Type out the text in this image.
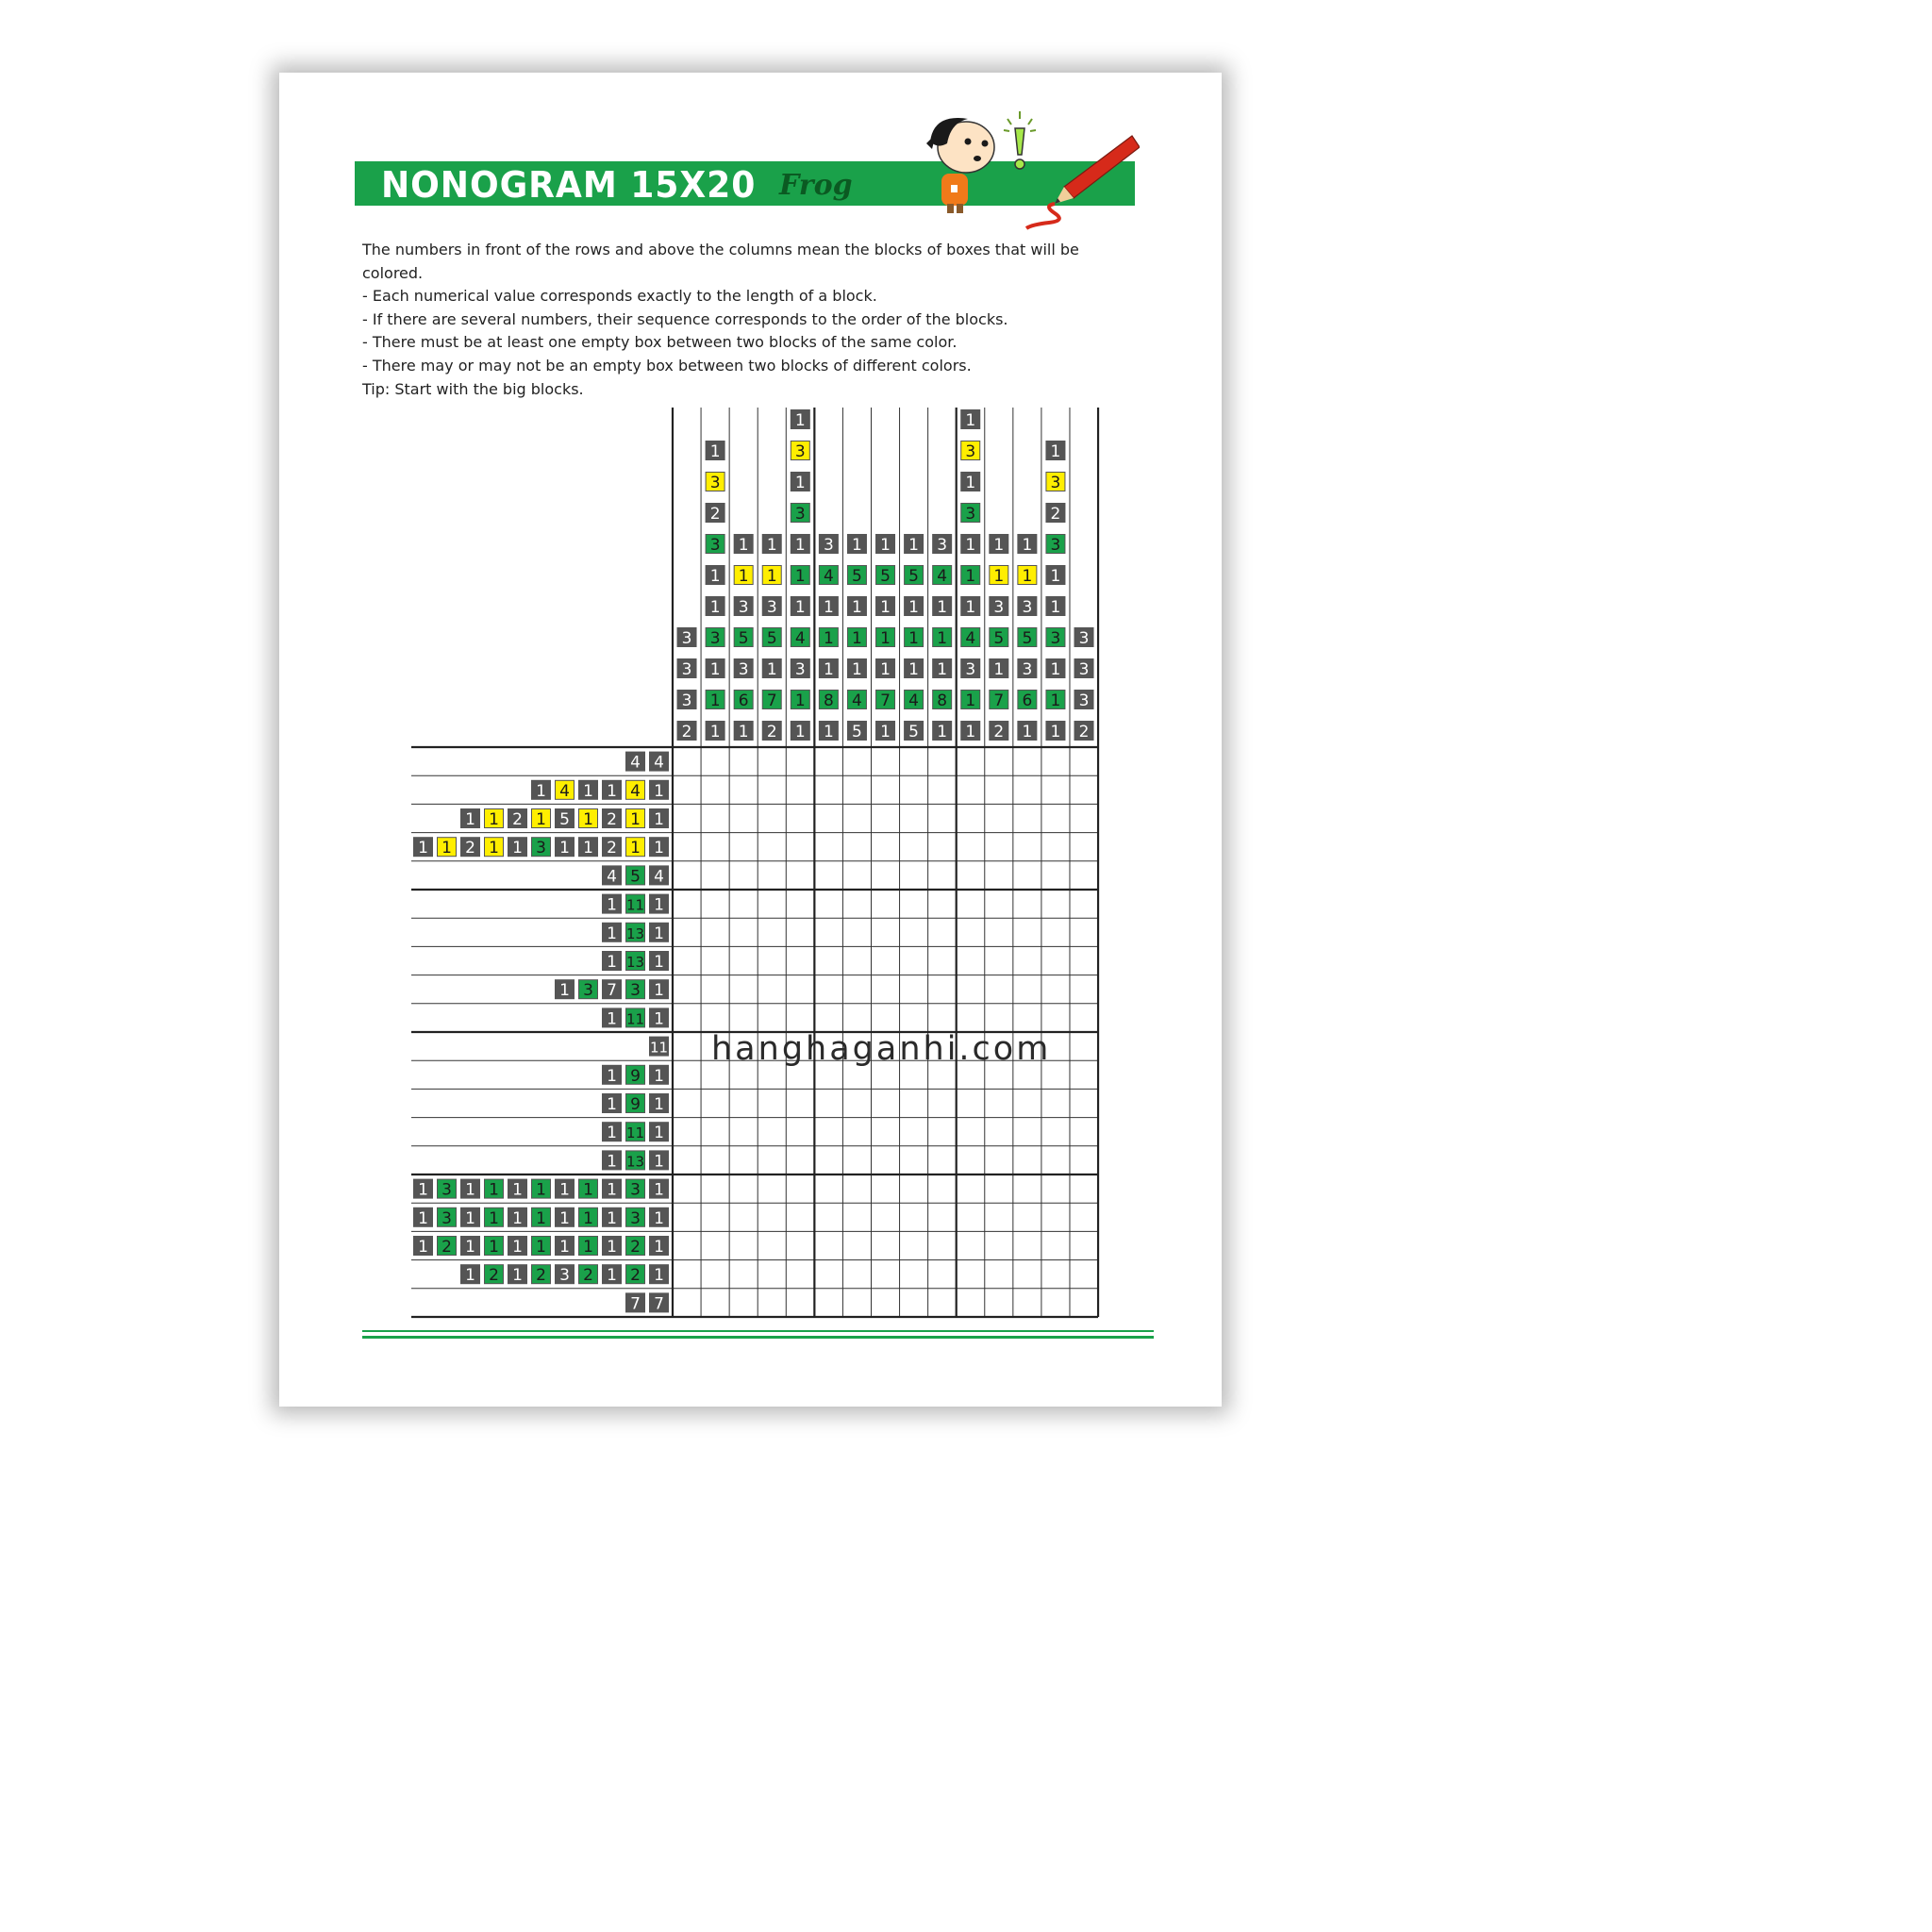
NONOGRAM 15X20 Frog
The numbers in front of the rows and above the columns mean the blocks of boxes that will be
colored.
- Each numerical value corresponds exactly to the length of a block.
- If there are several numbers, their sequence corresponds to the order of the blocks.
- There must be at least one empty box between two blocks of the same color.
- There may or may not be an empty box between two blocks of different colors.
Tip: Start with the big blocks.
3
3
3
2
1
3
2
3
1
1
3
1
1
1
1
1
3
5
3
6
1
1
1
3
5
1
7
2
1
3
1
3
1
1
1
4
3
1
1
3
4
1
1
1
8
1
1
5
1
1
1
4
5
1
5
1
1
1
7
1
1
5
1
1
1
4
5
3
4
1
1
1
8
1
1
3
1
3
1
1
1
4
3
1
1
1
1
3
5
1
7
2
1
1
3
5
3
6
1
1
3
2
3
1
1
3
1
1
1
3
3
3
2
4 4
1 4 1 1 4 1
1 1 2 1 5 1 2 1 1
1 1 2 1 1 3 1 1 2 1 1
4 5 4
1 11 1
1 13 1
1 13 1
1 3 7 3 1
1 11 1
11
1 9 1
1 9 1
1 11 1
1 13 1
1 3 1 1 1 1 1 1 1 3 1
1 3 1 1 1 1 1 1 1 3 1
1 2 1 1 1 1 1 1 1 2 1
1 2 1 2 3 2 1 2 1
7 7
hanghaganhi.com
